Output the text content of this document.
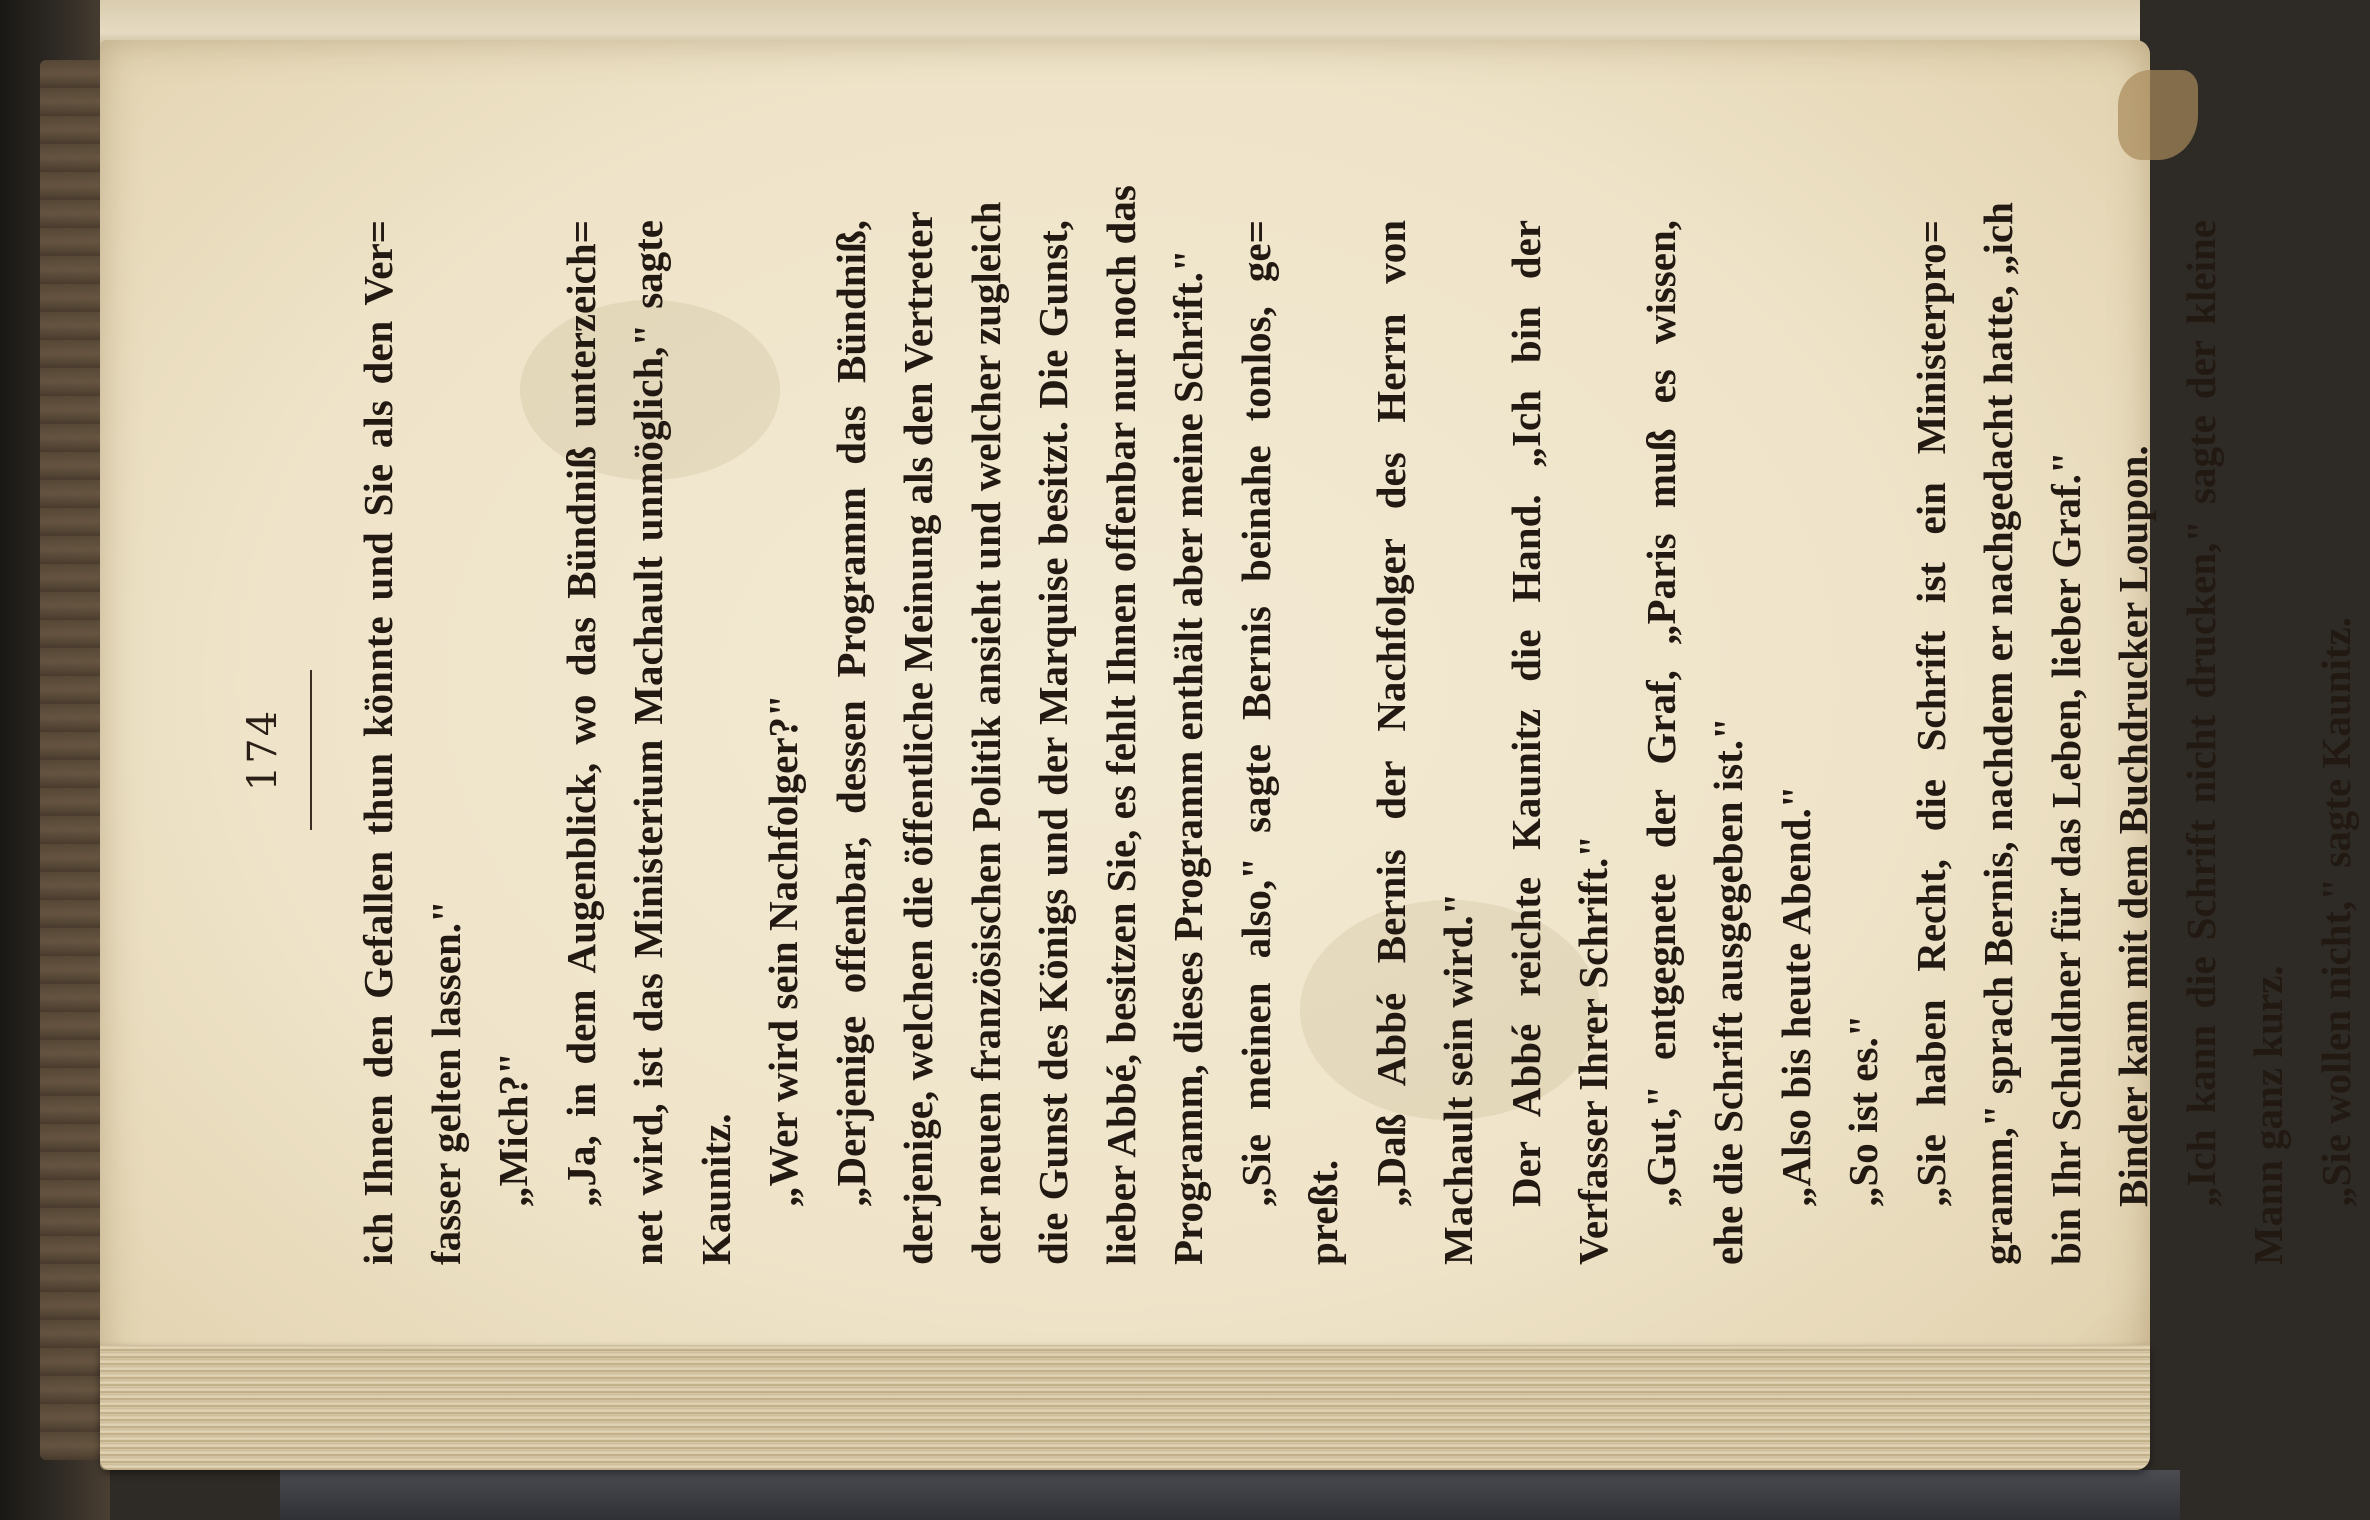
174 ich Ihnen den Gefallen thun könnte und Sie als den Ver= fasser gelten lassen." „Mich?" „Ja, in dem Augenblick, wo das Bündniß unterzeich= net wird, ist das Ministerium Machault unmöglich," sagte Kaunitz. „Wer wird sein Nachfolger?" „Derjenige offenbar, dessen Programm das Bündniß, derjenige, welchen die öffentliche Meinung als den Vertreter der neuen französischen Politik ansieht und welcher zugleich die Gunst des Königs und der Marquise besitzt. Die Gunst, lieber Abbé, besitzen Sie, es fehlt Ihnen offenbar nur noch das Programm, dieses Programm enthält aber meine Schrift." „Sie meinen also," sagte Bernis beinahe tonlos, ge=
preßt.
„Daß Abbé Bernis der Nachfolger des Herrn von Machault sein wird." Der Abbé reichte Kaunitz die Hand. „Ich bin der Verfasser Ihrer Schrift." „Gut," entgegnete der Graf, „Paris muß es wissen, ehe die Schrift ausgegeben ist." „Also bis heute Abend." „So ist es." „Sie haben Recht, die Schrift ist ein Ministerpro= gramm," sprach Bernis, nachdem er nachgedacht hatte, „ich bin Ihr Schuldner für das Leben, lieber Graf." Binder kam mit dem Buchdrucker Loupon. „Ich kann die Schrift nicht drucken," sagte der kleine Mann ganz kurz. „Sie wollen nicht," sagte Kaunitz.
